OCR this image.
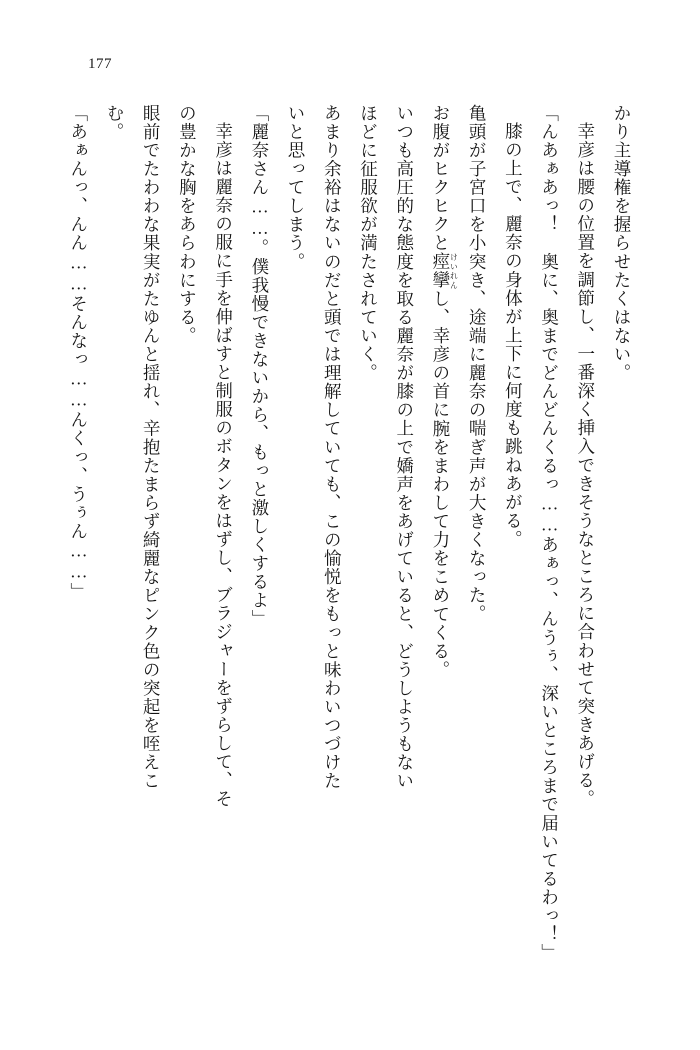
177

かり主導権を握らせたくはない。

幸彦は腰の位置を調節し、一番深く挿入できそうなところに合わせて突きあげる。

「んあぁあっ！　奥に、奥までどんどんくるっ……あぁっ、んうぅ、深いところまで届いてるわっ！」

膝の上で、麗奈の身体が上下に何度も跳ねあがる。

亀頭が子宮口を小突き、途端に麗奈の喘ぎ声が大きくなった。

お腹がヒクヒクと痙攣けいれんし、幸彦の首に腕をまわして力をこめてくる。

いつも高圧的な態度を取る麗奈が膝の上で嬌声をあげていると、どうしようもない

ほどに征服欲が満たされていく。

あまり余裕はないのだと頭では理解していても、この愉悦をもっと味わいつづけた

いと思ってしまう。

「麗奈さん……。僕我慢できないから、もっと激しくするよ」

幸彦は麗奈の服に手を伸ばすと制服のボタンをはずし、ブラジャーをずらして、そ

の豊かな胸をあらわにする。

眼前でたわわな果実がたゆんと揺れ、辛抱たまらず綺麗なピンク色の突起を咥えこ

む。

「あぁんっ、んん……そんなっ……んくっ、うぅん……」
